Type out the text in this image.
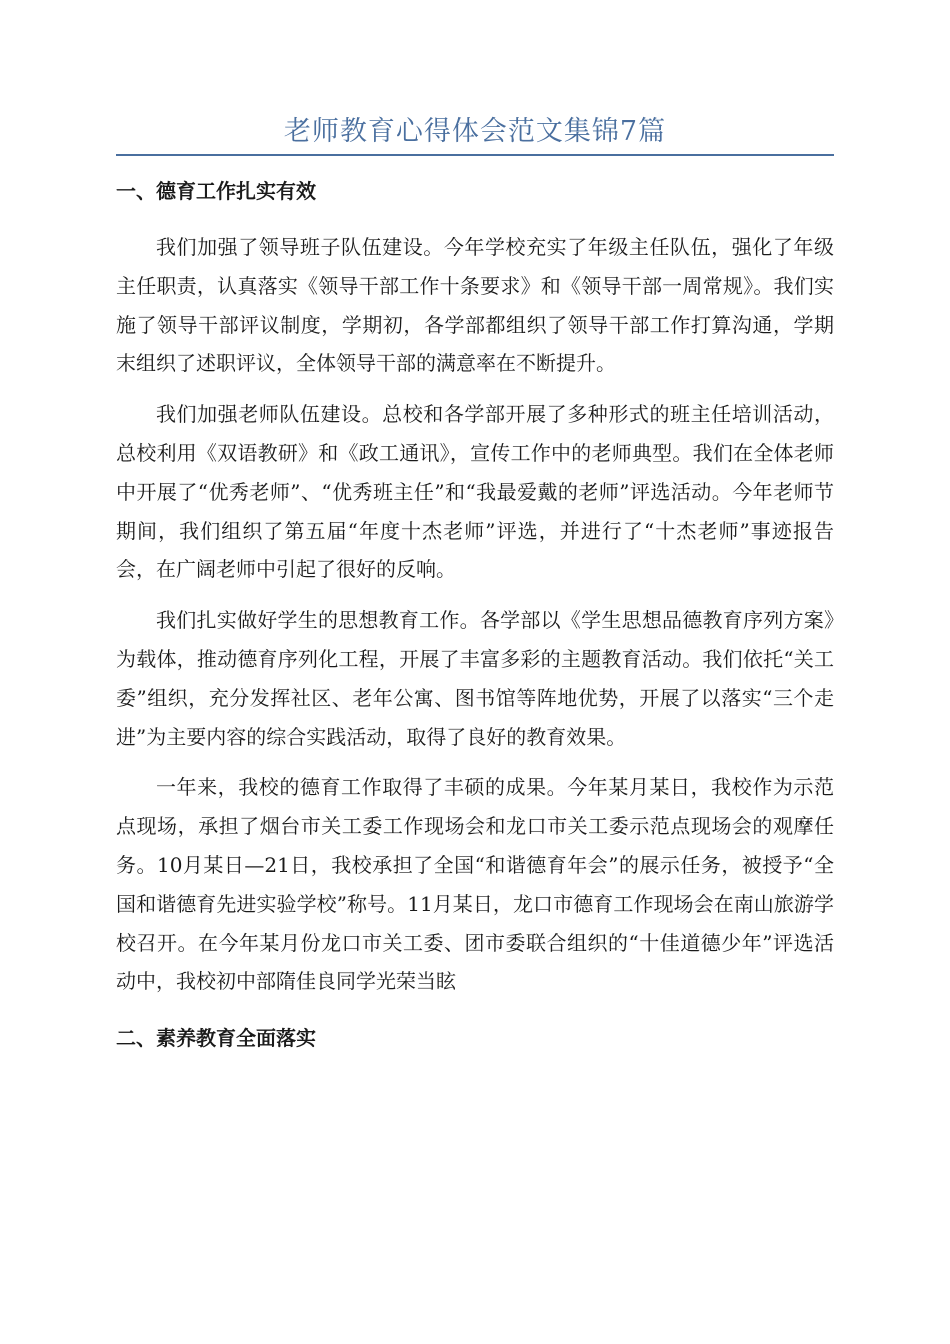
老师教育心得体会范文集锦7篇
一、德育工作扎实有效

我们加强了领导班子队伍建设。今年学校充实了年级主任队伍，强化了年级主任职责，认真落实《领导干部工作十条要求》和《领导干部一周常规》。我们实施了领导干部评议制度，学期初，各学部都组织了领导干部工作打算沟通，学期末组织了述职评议，全体领导干部的满意率在不断提升。

我们加强老师队伍建设。总校和各学部开展了多种形式的班主任培训活动，总校利用《双语教研》和《政工通讯》，宣传工作中的老师典型。我们在全体老师中开展了“优秀老师”、“优秀班主任”和“我最爱戴的老师”评选活动。今年老师节期间，我们组织了第五届“年度十杰老师”评选，并进行了“十杰老师”事迹报告会，在广阔老师中引起了很好的反响。

我们扎实做好学生的思想教育工作。各学部以《学生思想品德教育序列方案》为载体，推动德育序列化工程，开展了丰富多彩的主题教育活动。我们依托“关工委”组织，充分发挥社区、老年公寓、图书馆等阵地优势，开展了以落实“三个走进”为主要内容的综合实践活动，取得了良好的教育效果。

一年来，我校的德育工作取得了丰硕的成果。今年某月某日，我校作为示范点现场，承担了烟台市关工委工作现场会和龙口市关工委示范点现场会的观摩任务。10月某日—21日，我校承担了全国“和谐德育年会”的展示任务，被授予“全国和谐德育先进实验学校”称号。11月某日，龙口市德育工作现场会在南山旅游学校召开。在今年某月份龙口市关工委、团市委联合组织的“十佳道德少年”评选活动中，我校初中部隋佳良同学光荣当眩

二、素养教育全面落实
